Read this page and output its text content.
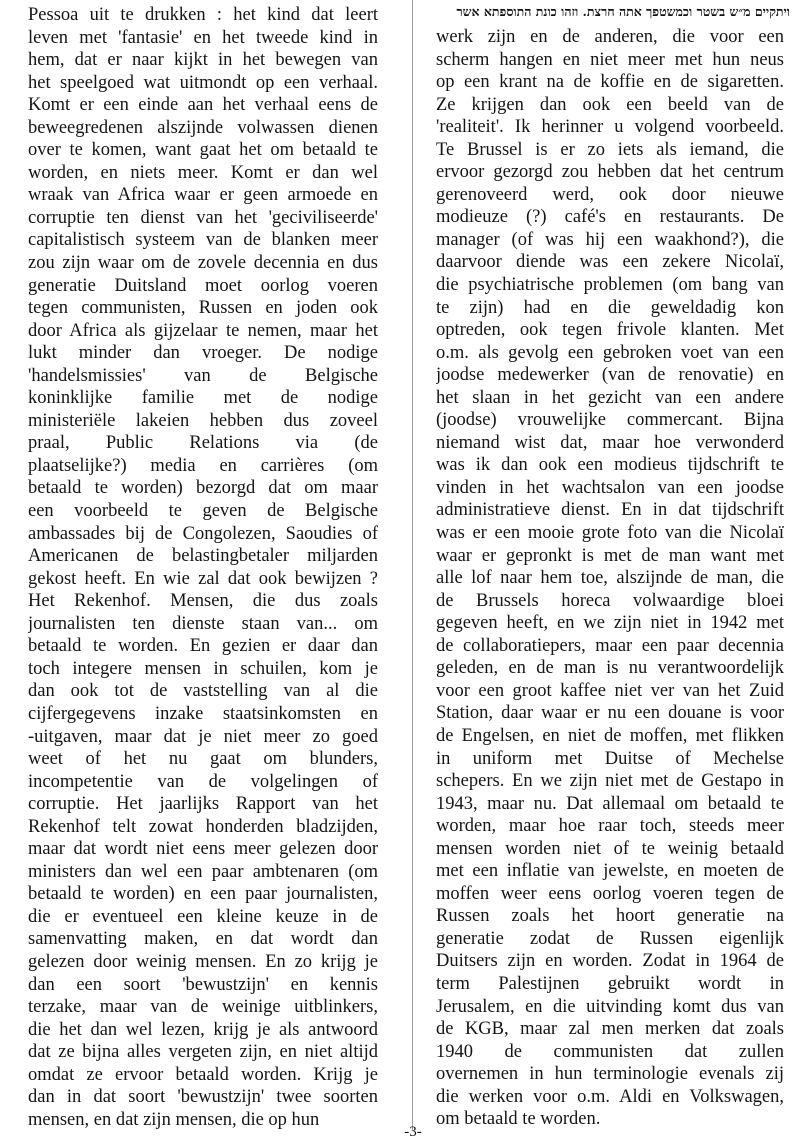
ויתקיים מ״ש בשטר וכמשטפך אתה חרצת. וזהו כונת התוספתא אשר
Pessoa uit te drukken : het kind dat leert
leven met 'fantasie' en het tweede kind in
hem, dat er naar kijkt in het bewegen van
het speelgoed wat uitmondt op een verhaal.
Komt er een einde aan het verhaal eens de
beweegredenen alszijnde volwassen dienen
over te komen, want gaat het om betaald te
worden, en niets meer. Komt er dan wel
wraak van Africa waar er geen armoede en
corruptie ten dienst van het 'geciviliseerde'
capitalistisch systeem van de blanken meer
zou zijn waar om de zovele decennia en dus
generatie Duitsland moet oorlog voeren
tegen communisten, Russen en joden ook
door Africa als gijzelaar te nemen, maar het
lukt minder dan vroeger. De nodige
'handelsmissies' van de Belgische
koninklijke familie met de nodige
ministeriële lakeien hebben dus zoveel
praal, Public Relations via (de
plaatselijke?) media en carrières (om
betaald te worden) bezorgd dat om maar
een voorbeeld te geven de Belgische
ambassades bij de Congolezen, Saoudies of
Americanen de belastingbetaler miljarden
gekost heeft. En wie zal dat ook bewijzen ?
Het Rekenhof. Mensen, die dus zoals
journalisten ten dienste staan van... om
betaald te worden. En gezien er daar dan
toch integere mensen in schuilen, kom je
dan ook tot de vaststelling van al die
cijfergegevens inzake staatsinkomsten en
-uitgaven, maar dat je niet meer zo goed
weet of het nu gaat om blunders,
incompetentie van de volgelingen of
corruptie. Het jaarlijks Rapport van het
Rekenhof telt zowat honderden bladzijden,
maar dat wordt niet eens meer gelezen door
ministers dan wel een paar ambtenaren (om
betaald te worden) en een paar journalisten,
die er eventueel een kleine keuze in de
samenvatting maken, en dat wordt dan
gelezen door weinig mensen. En zo krijg je
dan een soort 'bewustzijn' en kennis
terzake, maar van de weinige uitblinkers,
die het dan wel lezen, krijg je als antwoord
dat ze bijna alles vergeten zijn, en niet altijd
omdat ze ervoor betaald worden. Krijg je
dan in dat soort 'bewustzijn' twee soorten
mensen, en dat zijn mensen, die op hun
werk zijn en de anderen, die voor een
scherm hangen en niet meer met hun neus
op een krant na de koffie en de sigaretten.
Ze krijgen dan ook een beeld van de
'realiteit'. Ik herinner u volgend voorbeeld.
Te Brussel is er zo iets als iemand, die
ervoor gezorgd zou hebben dat het centrum
gerenoveerd werd, ook door nieuwe
modieuze (?) café's en restaurants. De
manager (of was hij een waakhond?), die
daarvoor diende was een zekere Nicolaï,
die psychiatrische problemen (om bang van
te zijn) had en die geweldadig kon
optreden, ook tegen frivole klanten. Met
o.m. als gevolg een gebroken voet van een
joodse medewerker (van de renovatie) en
het slaan in het gezicht van een andere
(joodse) vrouwelijke commercant. Bijna
niemand wist dat, maar hoe verwonderd
was ik dan ook een modieus tijdschrift te
vinden in het wachtsalon van een joodse
administratieve dienst. En in dat tijdschrift
was er een mooie grote foto van die Nicolaï
waar er gepronkt is met de man want met
alle lof naar hem toe, alszijnde de man, die
de Brussels horeca volwaardige bloei
gegeven heeft, en we zijn niet in 1942 met
de collaboratiepers, maar een paar decennia
geleden, en de man is nu verantwoordelijk
voor een groot kaffee niet ver van het Zuid
Station, daar waar er nu een douane is voor
de Engelsen, en niet de moffen, met flikken
in uniform met Duitse of Mechelse
schepers. En we zijn niet met de Gestapo in
1943, maar nu. Dat allemaal om betaald te
worden, maar hoe raar toch, steeds meer
mensen worden niet of te weinig betaald
met een inflatie van jewelste, en moeten de
moffen weer eens oorlog voeren tegen de
Russen zoals het hoort generatie na
generatie zodat de Russen eigenlijk
Duitsers zijn en worden. Zodat in 1964 de
term Palestijnen gebruikt wordt in
Jerusalem, en die uitvinding komt dus van
de KGB, maar zal men merken dat zoals
1940 de communisten dat zullen
overnemen in hun terminologie evenals zij
die werken voor o.m. Aldi en Volkswagen,
om betaald te worden.
-3-
